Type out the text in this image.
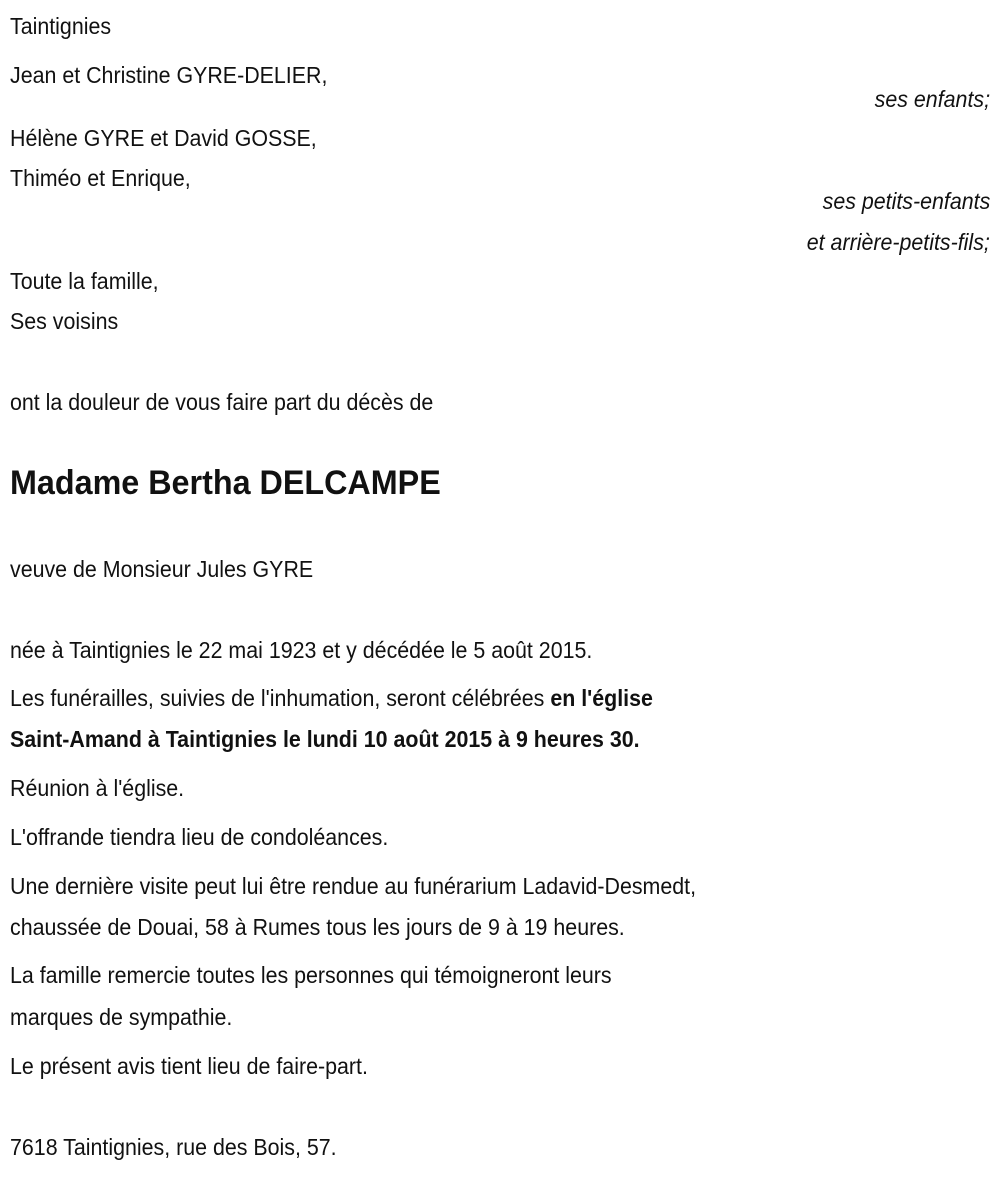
Taintignies
Jean et Christine GYRE-DELIER,
ses enfants;
Hélène GYRE et David GOSSE,
Thiméo et Enrique,
ses petits-enfants
et arrière-petits-fils;
Toute la famille,
Ses voisins
ont la douleur de vous faire part du décès de
Madame Bertha DELCAMPE
veuve de Monsieur Jules GYRE
née à Taintignies le 22 mai 1923 et y décédée le 5 août 2015.
Les funérailles, suivies de l'inhumation, seront célébrées en l'église
Saint-Amand à Taintignies le lundi 10 août 2015 à 9 heures 30.
Réunion à l'église.
L'offrande tiendra lieu de condoléances.
Une dernière visite peut lui être rendue au funérarium Ladavid-Desmedt,
chaussée de Douai, 58 à Rumes tous les jours de 9 à 19 heures.
La famille remercie toutes les personnes qui témoigneront leurs
marques de sympathie.
Le présent avis tient lieu de faire-part.
7618 Taintignies, rue des Bois, 57.
